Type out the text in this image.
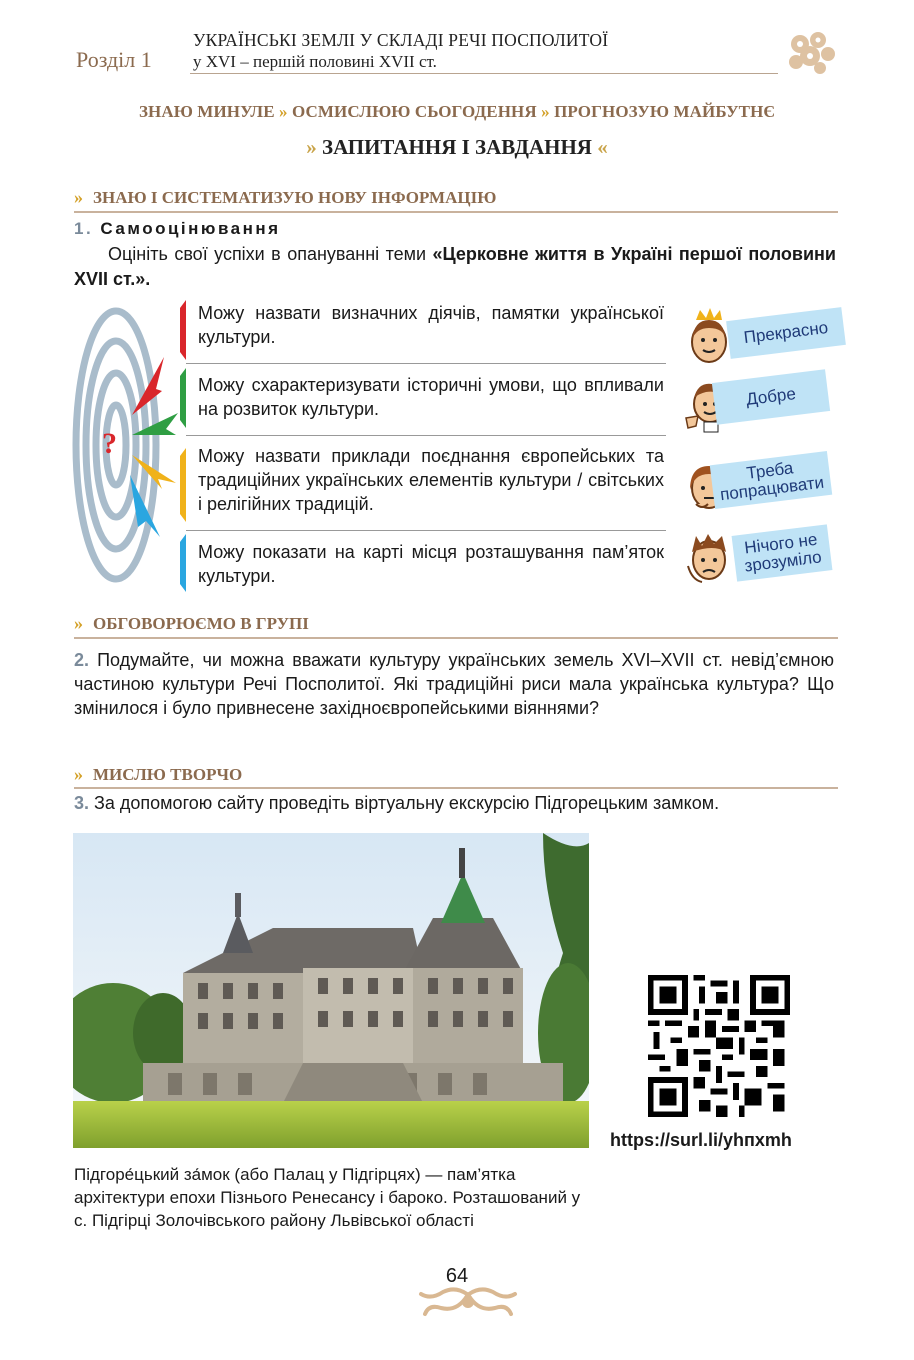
Розділ 1
УКРАЇНСЬКІ ЗЕМЛІ У СКЛАДІ РЕЧІ ПОСПОЛИТОЇ
у XVI – першій половині XVII ст.
ЗНАЮ МИНУЛЕ » ОСМИСЛЮЮ СЬОГОДЕННЯ » ПРОГНОЗУЮ МАЙБУТНЄ
» ЗАПИТАННЯ І ЗАВДАННЯ «
» ЗНАЮ І СИСТЕМАТИЗУЮ НОВУ ІНФОРМАЦІЮ
1. Самооцінювання
Оцініть свої успіхи в опануванні теми «Церковне життя в Україні першої половини XVII ст.».
?
Можу назвати визначних діячів, памятки української культури.
Можу схарактеризувати історичні умови, що впливали на розвиток культури.
Можу назвати приклади поєднання європейських та традиційних українських елементів культури / світських і релігійних традицій.
Можу показати на карті місця розташування пам’яток культури.
Прекрасно
Добре
Треба попрацювати
Нічого не зрозуміло
» ОБГОВОРЮЄМО В ГРУПІ
2. Подумайте, чи можна вважати культуру українських земель XVI–XVII ст. невід’ємною частиною культури Речі Посполитої. Які традиційні риси мала українська культура? Що змінилося і було привнесене західноєвропейськими віяннями?
» МИСЛЮ ТВОРЧО
3. За допомогою сайту проведіть віртуальну екскурсію Підгорецьким замком.
Підгоре́цький за́мок (або Палац у Підгірцях) — пам’ятка архітектури епохи Пізнього Ренесансу і бароко. Розташований у с. Підгірці Золочівського району Львівської області
https://surl.li/yhпxmh
64
